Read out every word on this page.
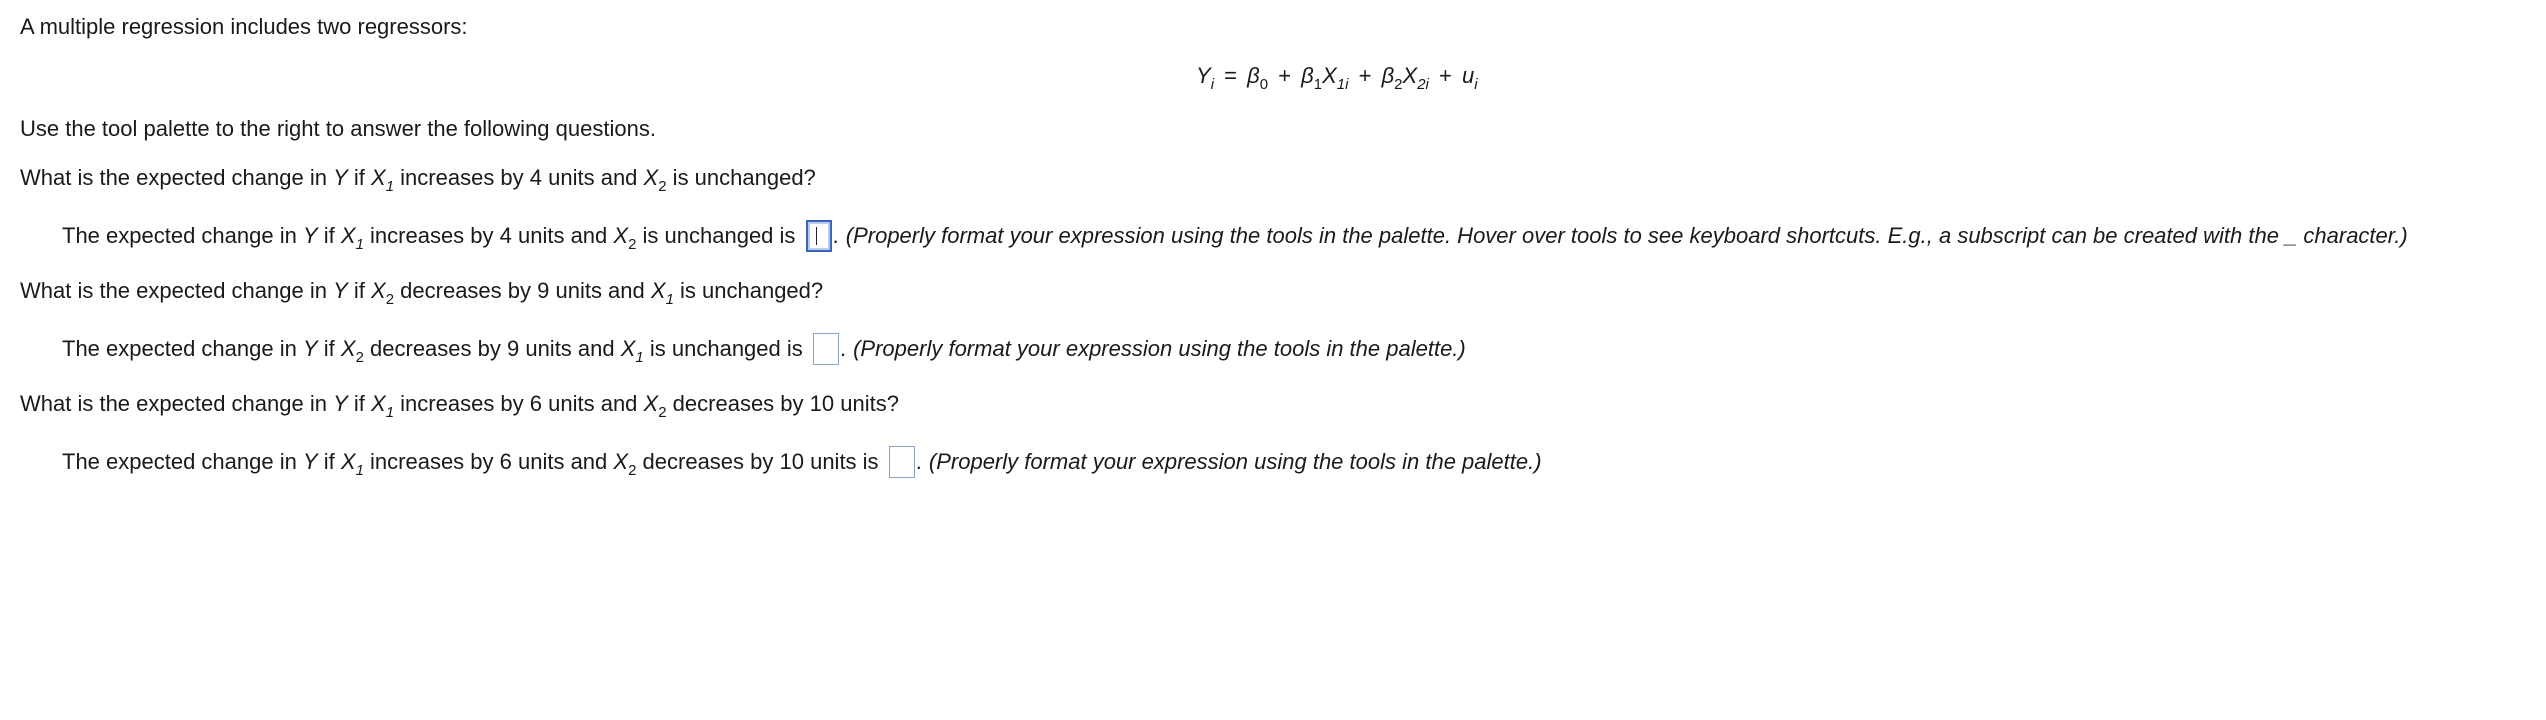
A multiple regression includes two regressors:
$Y_i = \beta_0 + \beta_1X_{1i} + \beta_2X_{2i} + u_i$
Use the tool palette to the right to answer the following questions.
What is the expected change in Y if $X_1$ increases by 4 units and $X_2$ is unchanged?
The expected change in Y if $X_1$ increases by 4 units and $X_2$ is unchanged is
. (Properly format your expression using the tools in the palette. Hover over tools to see keyboard shortcuts. E.g., a subscript can be created with the _ character.)
What is the expected change in Y if $X_2$ decreases by 9 units and $X_1$ is unchanged?
The expected change in Y if $X_2$ decreases by 9 units and $X_1$ is unchanged is . (Properly format your expression using the tools in the palette.)
What is the expected change in Y if $X_1$ increases by 6 units and $X_2$ decreases by 10 units?
The expected change in Y if $X_1$ increases by 6 units and $X_2$ decreases by 10 units is . (Properly format your expression using the tools in the palette.)
